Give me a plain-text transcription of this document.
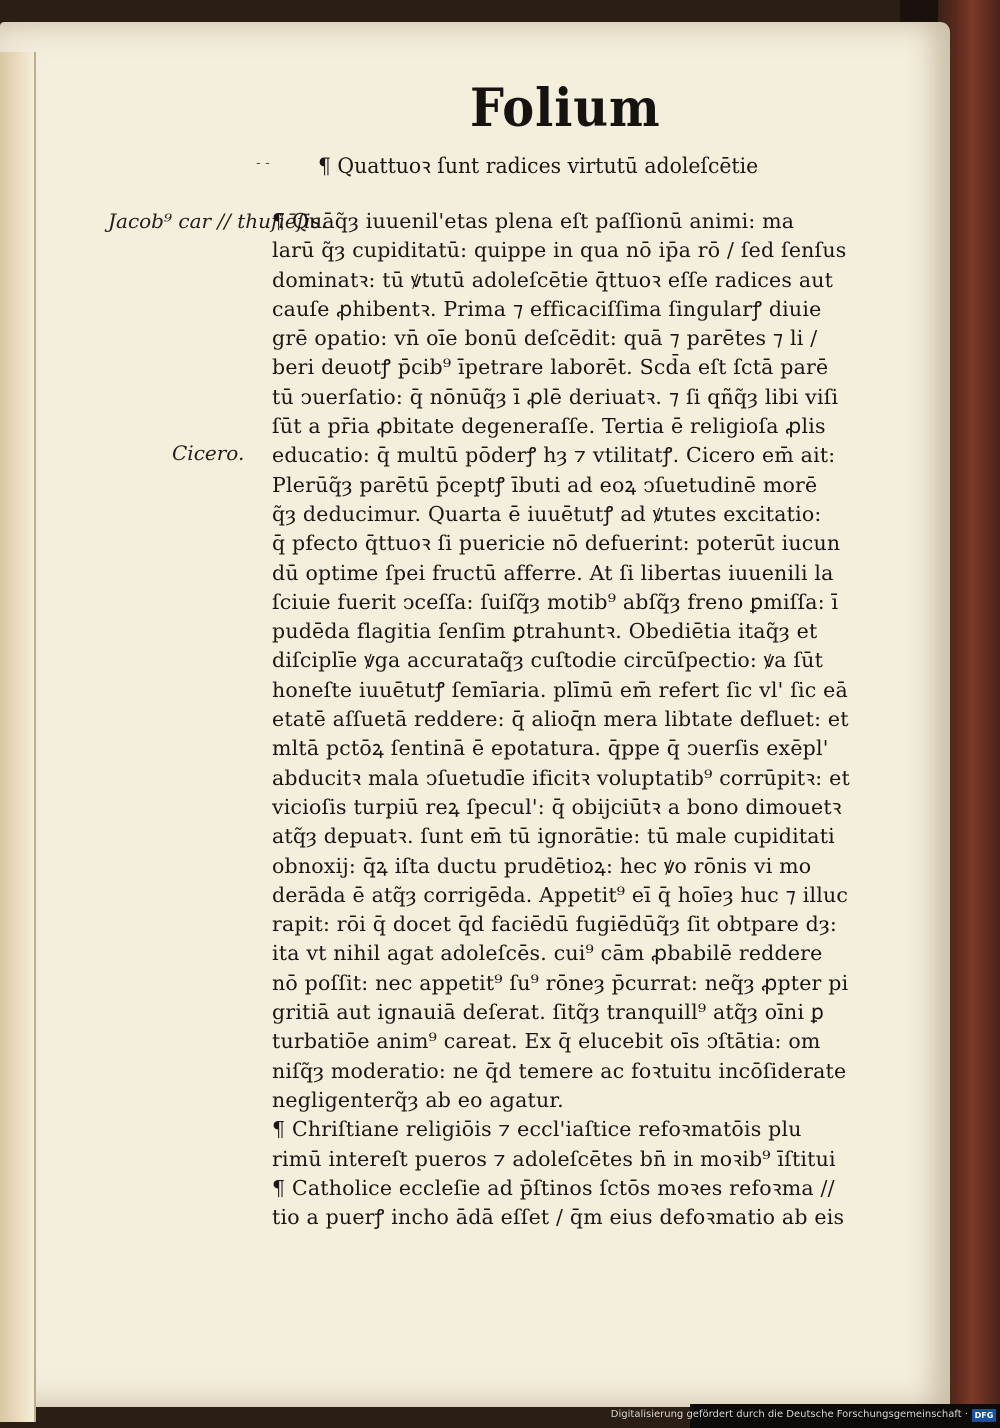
Folium
- - ¶ Quattuoꝛ ſunt radices virtutū adoleſcētie
Jacob⁹ car // thuſiēſis.
Cicero.
¶ Quāq̃ȝ iuuenil'etas plena eſt paſſionū animi: ma
larū q̃ȝ cupiditatū: quippe in qua nō ip̄a rō / ſed ſenſus
dominatꝛ: tū ꝟtutū adoleſcētie q̄ttuoꝛ eſſe radices aut
cauſe ꝓhibentꝛ. Prima ⁊ efficaciſſima ſingularꝭ diuie
grē opatio: vn̄ oīe bonū deſcēdit: quā ⁊ parētes ⁊ li /
beri deuotꝭ p̄cib⁹ īpetrare laborēt. Scd̄a eſt ſctā parē
tū ↄuerſatio: q̄ nōnūq̃ȝ ī ꝓlē deriuatꝛ. ⁊ ſi qñq̃ȝ libi viſi
ſūt a pr̄ia ꝓbitate degeneraſſe. Tertia ē religioſa ꝓlis
educatio: q̄ multū pōderꝭ hȝ ⁊ vtilitatꝭ. Cicero em̄ ait:
Plerūq̃ȝ parētū p̄ceptꝭ ībuti ad eoꝝ ↄſuetudinē morē
q̃ȝ deducimur. Quarta ē iuuētutꝭ ad ꝟtutes excitatio:
q̄ pfecto q̄ttuoꝛ ſi puericie nō defuerint: poterūt iucun
dū optime ſpei fructū afferre. At ſi libertas iuuenili la
ſciuie fuerit ↄceſſa: ſuiſq̃ȝ motib⁹ abſq̃ȝ freno ꝑmiſſa: ī
pudēda flagitia ſenſim ꝑtrahuntꝛ. Obediētia itaq̃ȝ et
diſciplīe ꝟga accurataq̃ȝ cuſtodie circūſpectio: ꝟa ſūt
honeſte iuuētutꝭ ſemīaria. plīmū em̄ refert ſic vl' ſic eā
etatē aſſuetā reddere: q̄ alioq̄n mera libtate defluet: et
mltā pctōꝝ ſentinā ē epotatura. q̄ppe q̄ ↄuerſis exēpl'
abducitꝛ mala ↄſuetudīe ificitꝛ voluptatib⁹ corrūpitꝛ: et
vicioſis turpiū reꝝ ſpecul': q̄ obijciūtꝛ a bono dimouetꝛ
atq̃ȝ depuatꝛ. ſunt em̄ tū ignorātie: tū male cupiditati
obnoxij: q̄ꝝ iſta ductu prudētioꝝ: hec ꝟo rōnis vi mo
derāda ē atq̃ȝ corrigēda. Appetit⁹ eī q̄ hoīeȝ huc ⁊ illuc
rapit: rōi q̄ docet q̄d faciēdū fugiēdūq̃ȝ ſit obtpare dȝ:
ita vt nihil agat adoleſcēs. cui⁹ cām ꝓbabilē reddere
nō poſſit: nec appetit⁹ ſu⁹ rōneȝ p̄currat: neq̃ȝ ꝓpter pi
gritiā aut ignauiā deſerat. ſitq̃ȝ tranquill⁹ atq̃ȝ oīni ꝑ
turbatiōe anim⁹ careat. Ex q̄ elucebit oīs ↄſtātia: om
niſq̃ȝ moderatio: ne q̄d temere ac foꝛtuitu incōſiderate
negligenterq̃ȝ ab eo agatur.
¶ Chriſtiane religiōis ⁊ eccl'iaſtice refoꝛmatōis plu
rimū intereſt pueros ⁊ adoleſcētes bn̄ in moꝛib⁹ īſtitui
¶ Catholice eccleſie ad p̄ſtinos ſctōs moꝛes refoꝛma //
tio a puerꝭ incho ādā eſſet / q̄m eius defoꝛmatio ab eis
Digitalisierung gefördert durch die Deutsche Forschungsgemeinschaft · DFG
